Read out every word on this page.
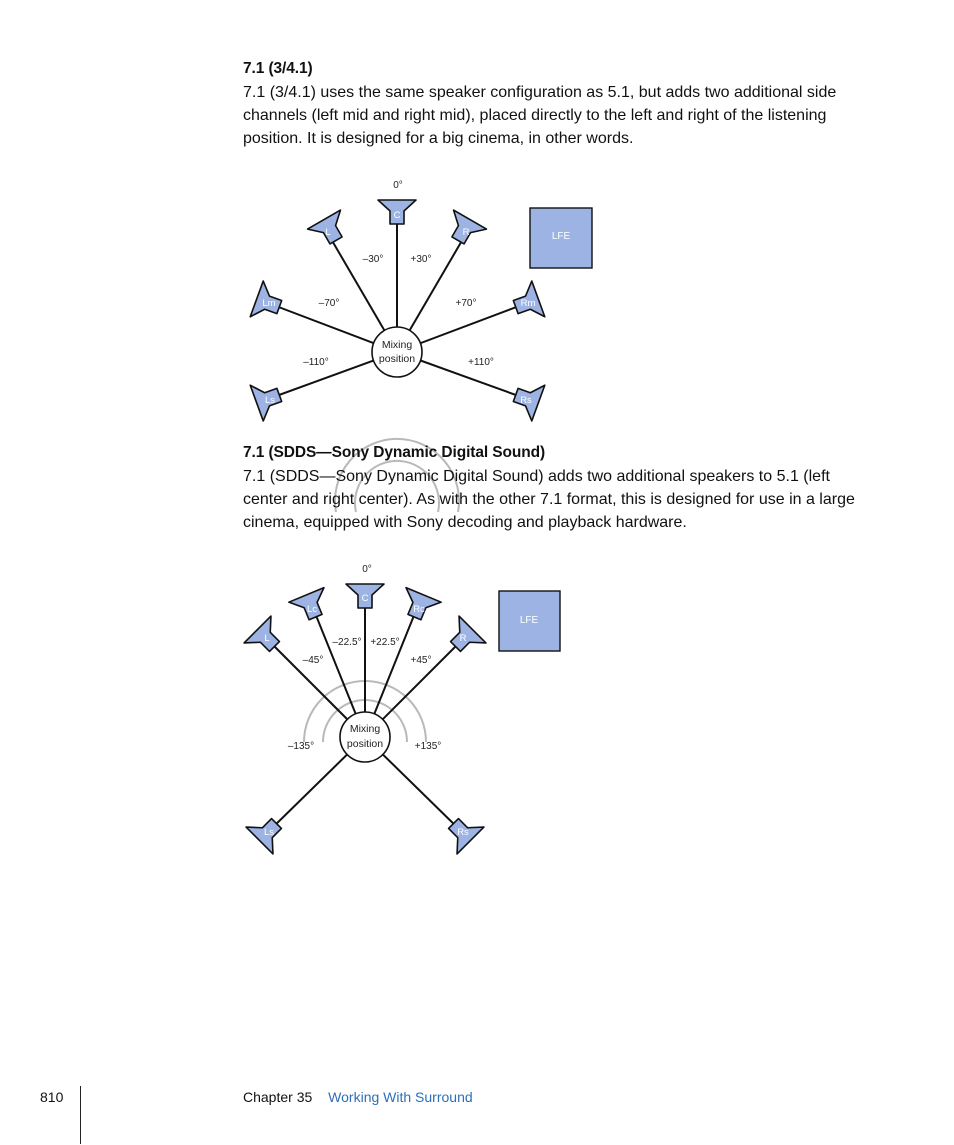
7.1 (3/4.1)

7.1 (3/4.1) uses the same speaker configuration as 5.1, but adds two additional side channels (left mid and right mid), placed directly to the left and right of the listening position. It is designed for a big cinema, in other words.

C
L	R
Lm	Rm
Ls	Rs
0°
–30°	+30°
–70°	+70°
–110°	+110°
Mixing
position
LFE
7.1 (SDDS—Sony Dynamic Digital Sound)

7.1 (SDDS—Sony Dynamic Digital Sound) adds two additional speakers to 5.1 (left center and right center). As with the other 7.1 format, this is designed for use in a large cinema, equipped with Sony decoding and playback hardware.

C
Lc	Rc
L	R
Ls	Rs
0°
–22.5° +22.5°
–45°	+45°
–135°	+135°
Mixing
position
LFE
810	Chapter 35 Working With Surround
